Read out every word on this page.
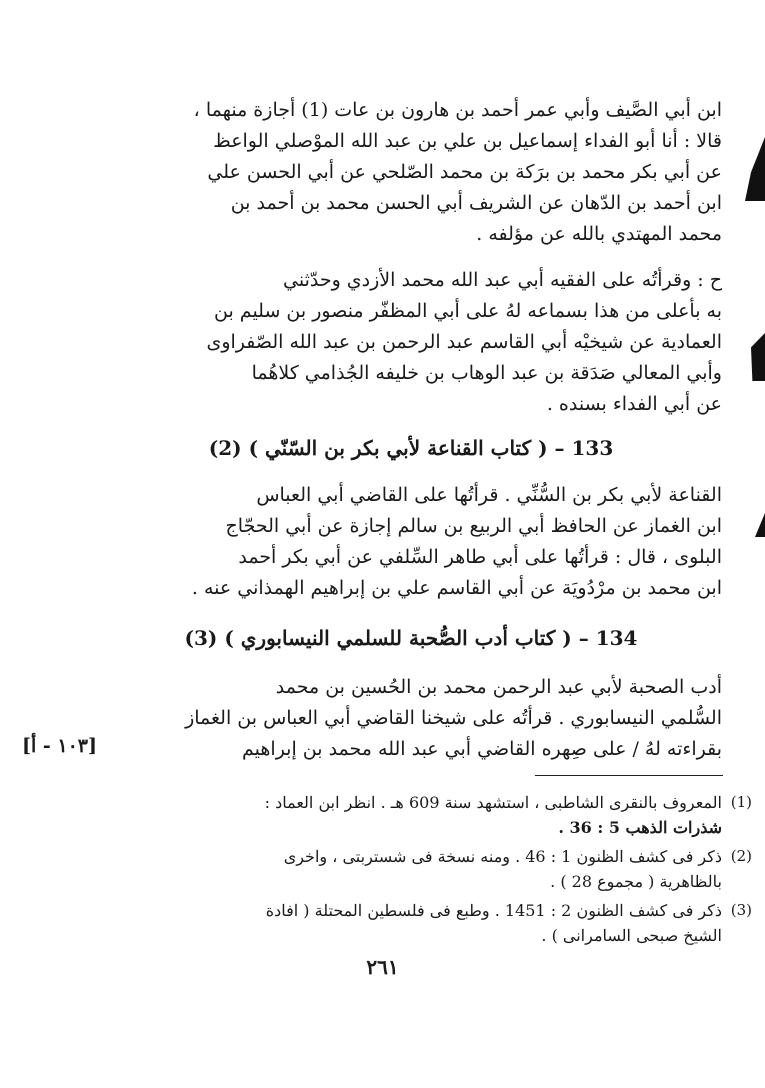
ابن أبي الصَّيف وأبي عمر أحمد بن هارون بن عات (1) أجازة منهما ،
قالا : أنا أبو الفداء إسماعيل بن علي بن عبد الله الموْصلي الواعظ
عن أبي بكر محمد بن برَكة بن محمد الصّلحي عن أبي الحسن علي
ابن أحمد بن الدّهان عن الشريف أبي الحسن محمد بن أحمد بن
محمد المهتدي بالله عن مؤلفه .
ح : وقرأتُه على الفقيه أبي عبد الله محمد الأزدي وحدّثني
به بأعلى من هذا بسماعه لهُ على أبي المظفّر منصور بن سليم بن
العمادية عن شيخيْه أبي القاسم عبد الرحمن بن عبد الله الصّفراوى
وأبي المعالي صَدَقة بن عبد الوهاب بن خليفه الجُذامي كلاهُما
عن أبي الفداء بسنده .
133 – ( كتاب القناعة لأبي بكر بن السّنّي ) (2)
القناعة لأبي بكر بن السُّنِّي . قرأتُها على القاضي أبي العباس
ابن الغماز عن الحافظ أبي الربيع بن سالم إجازة عن أبي الحجّاج
البلوى ، قال : قرأتُها على أبي طاهر السِّلفي عن أبي بكر أحمد
ابن محمد بن مرْدُويَة عن أبي القاسم علي بن إبراهيم الهمذاني عنه .
134 – ( كتاب أدب الصُّحبة للسلمي النيسابوري ) (3)
أدب الصحبة لأبي عبد الرحمن محمد بن الحُسين بن محمد
السُّلمي النيسابوري . قرأتُه على شيخنا القاضي أبي العباس بن الغماز
بقراءته لهُ / على صِهره القاضي أبي عبد الله محمد بن إبراهيم
[١٠٣ - أ]
(1)
المعروف بالنقرى الشاطبى ، استشهد سنة 609 هـ . انظر ابن العماد :
شذرات الذهب 5 : 36 .
(2)
ذكر فى كشف الظنون 1 : 46 . ومنه نسخة فى شستربتى ، واخرى
بالظاهرية ( مجموع 28 ) .
(3)
ذكر فى كشف الظنون 2 : 1451 . وطبع فى فلسطين المحتلة ( افادة
الشيخ صبحى السامرانى ) .
٢٦١
